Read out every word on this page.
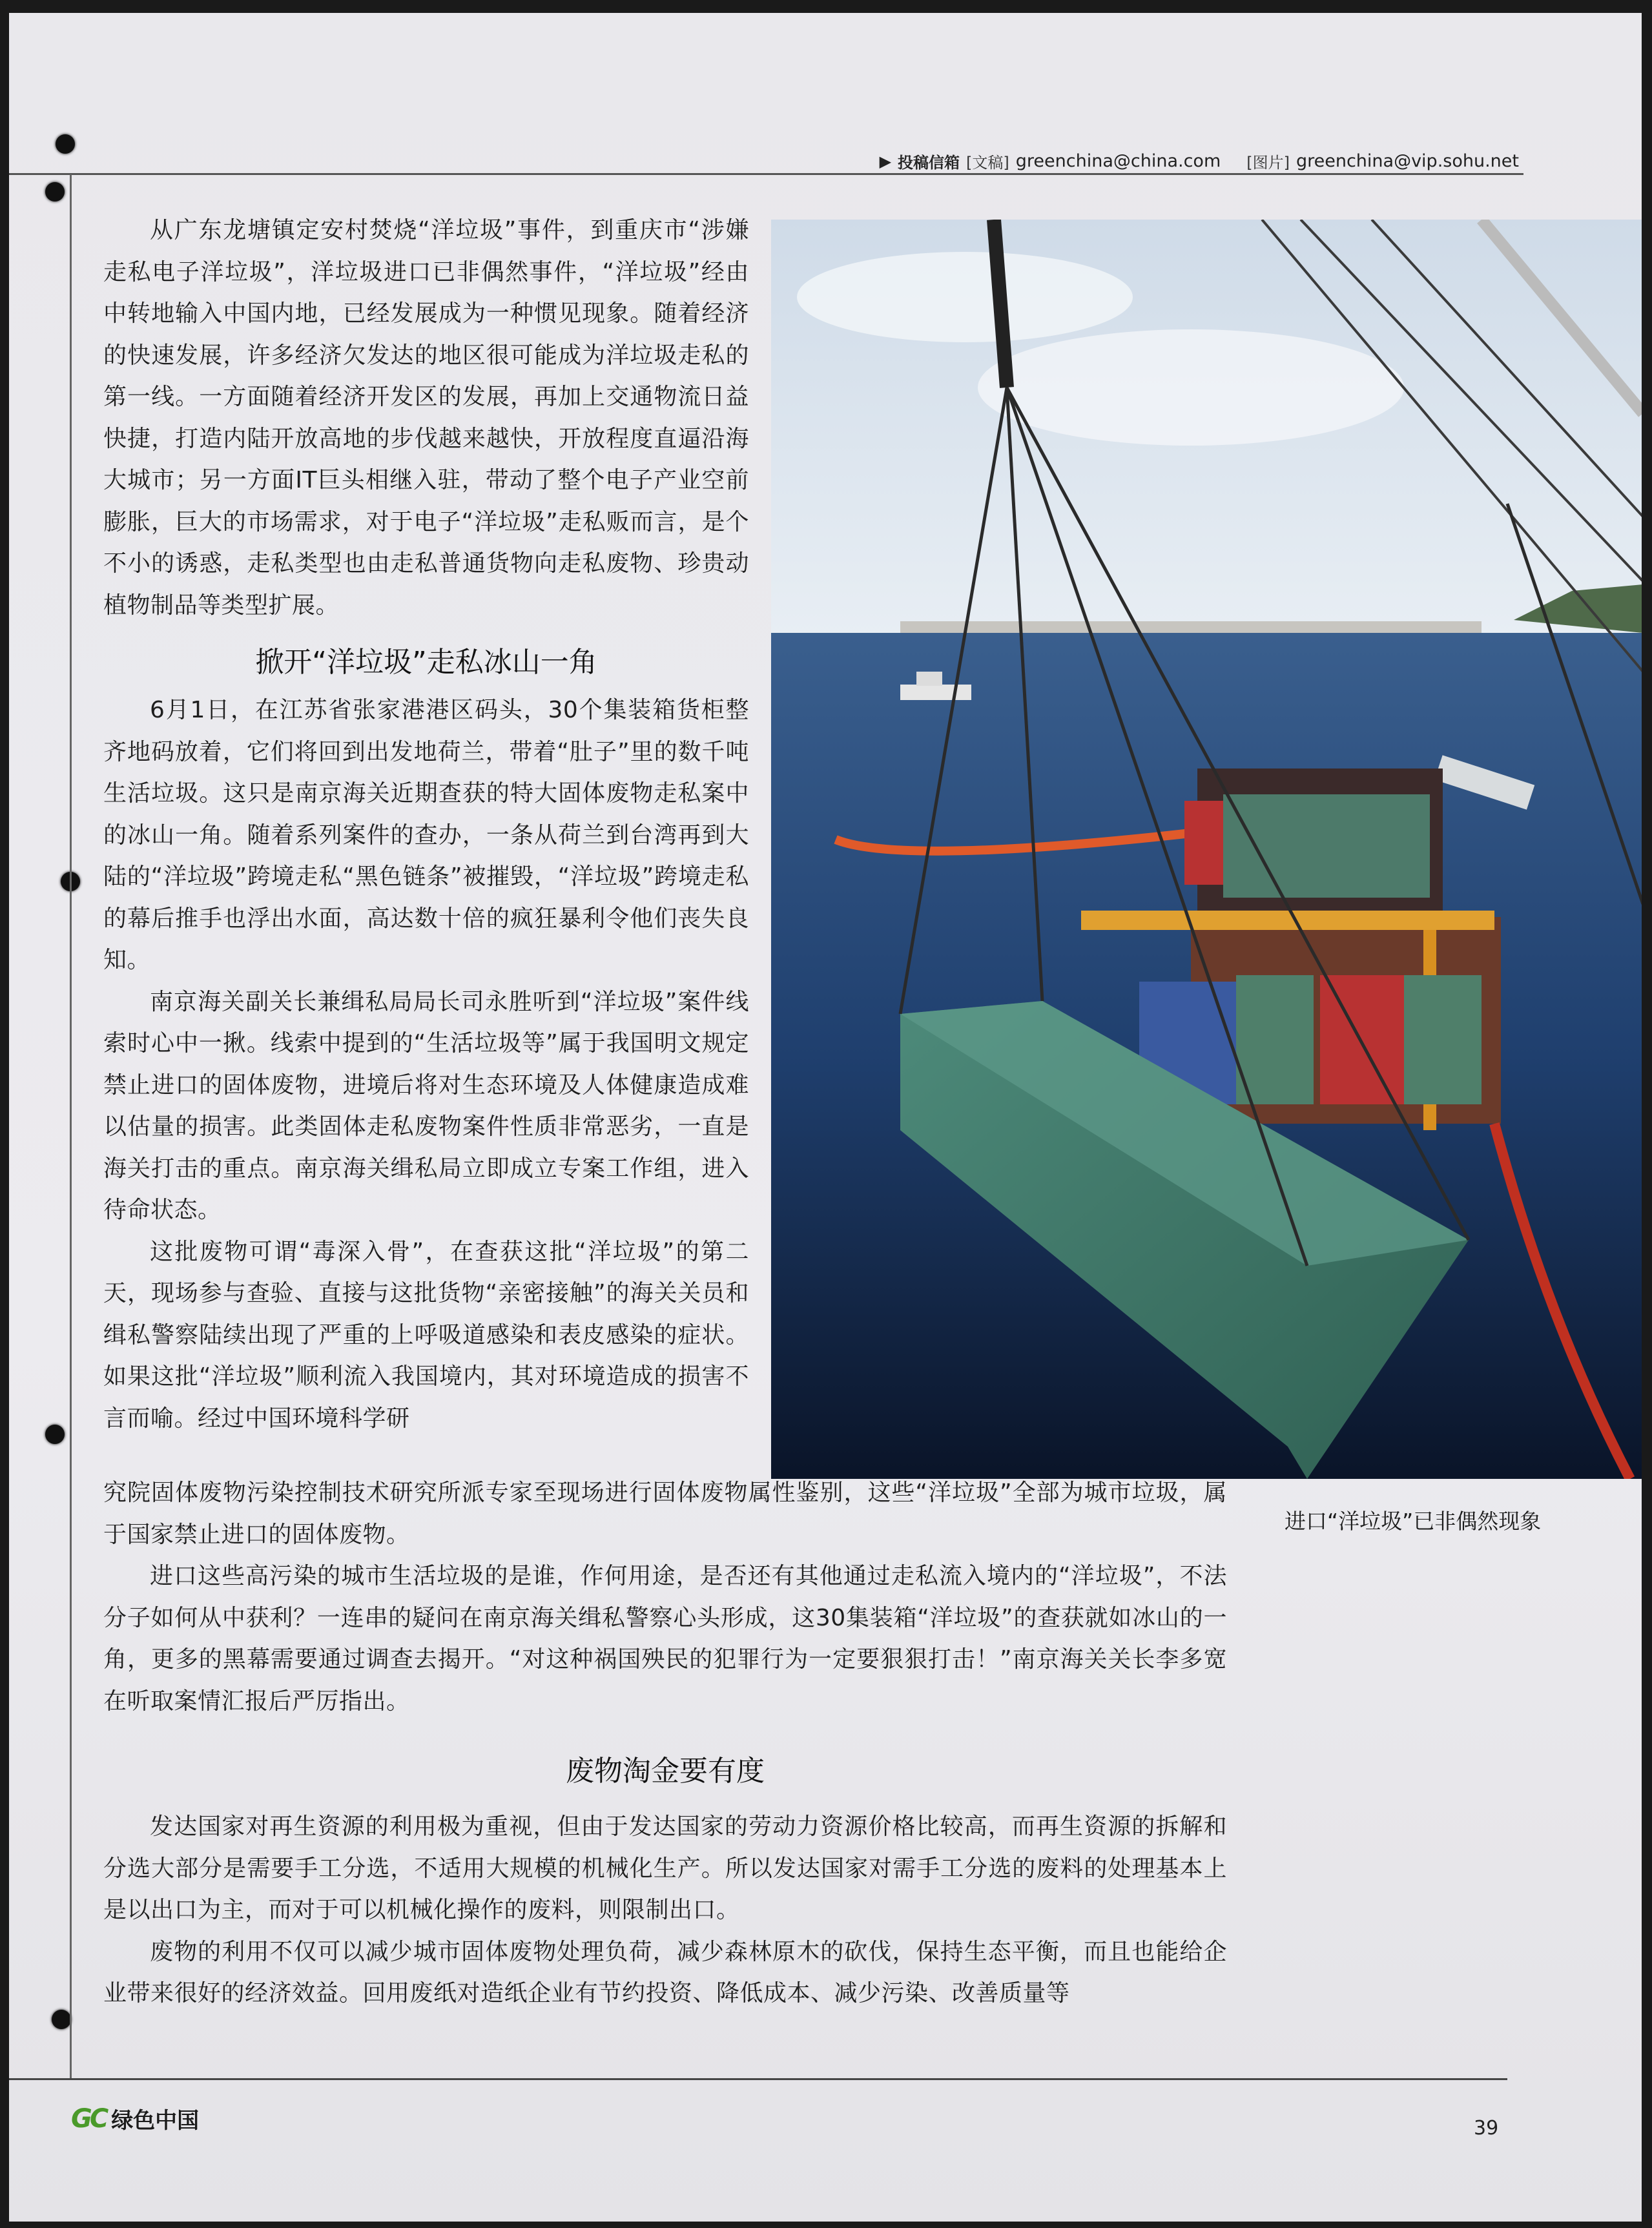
▶ 投稿信箱 [文稿] greenchina@china.com [图片] greenchina@vip.sohu.net

从广东龙塘镇定安村焚烧“洋垃圾”事件，到重庆市“涉嫌走私电子洋垃圾”，洋垃圾进口已非偶然事件，“洋垃圾”经由中转地输入中国内地，已经发展成为一种惯见现象。随着经济的快速发展，许多经济欠发达的地区很可能成为洋垃圾走私的第一线。一方面随着经济开发区的发展，再加上交通物流日益快捷，打造内陆开放高地的步伐越来越快，开放程度直逼沿海大城市；另一方面IT巨头相继入驻，带动了整个电子产业空前膨胀，巨大的市场需求，对于电子“洋垃圾”走私贩而言，是个不小的诱惑，走私类型也由走私普通货物向走私废物、珍贵动植物制品等类型扩展。

掀开“洋垃圾”走私冰山一角

6月1日，在江苏省张家港港区码头，30个集装箱货柜整齐地码放着，它们将回到出发地荷兰，带着“肚子”里的数千吨生活垃圾。这只是南京海关近期查获的特大固体废物走私案中的冰山一角。随着系列案件的查办，一条从荷兰到台湾再到大陆的“洋垃圾”跨境走私“黑色链条”被摧毁，“洋垃圾”跨境走私的幕后推手也浮出水面，高达数十倍的疯狂暴利令他们丧失良知。

南京海关副关长兼缉私局局长司永胜听到“洋垃圾”案件线索时心中一揪。线索中提到的“生活垃圾等”属于我国明文规定禁止进口的固体废物，进境后将对生态环境及人体健康造成难以估量的损害。此类固体走私废物案件性质非常恶劣，一直是海关打击的重点。南京海关缉私局立即成立专案工作组，进入待命状态。

这批废物可谓“毒深入骨”，在查获这批“洋垃圾”的第二天，现场参与查验、直接与这批货物“亲密接触”的海关关员和缉私警察陆续出现了严重的上呼吸道感染和表皮感染的症状。如果这批“洋垃圾”顺利流入我国境内，其对环境造成的损害不言而喻。经过中国环境科学研

进口“洋垃圾”已非偶然现象

究院固体废物污染控制技术研究所派专家至现场进行固体废物属性鉴别，这些“洋垃圾”全部为城市垃圾，属于国家禁止进口的固体废物。

进口这些高污染的城市生活垃圾的是谁，作何用途，是否还有其他通过走私流入境内的“洋垃圾”，不法分子如何从中获利？一连串的疑问在南京海关缉私警察心头形成，这30集装箱“洋垃圾”的查获就如冰山的一角，更多的黑幕需要通过调查去揭开。“对这种祸国殃民的犯罪行为一定要狠狠打击！”南京海关关长李多宽在听取案情汇报后严厉指出。

废物淘金要有度

发达国家对再生资源的利用极为重视，但由于发达国家的劳动力资源价格比较高，而再生资源的拆解和分选大部分是需要手工分选，不适用大规模的机械化生产。所以发达国家对需手工分选的废料的处理基本上是以出口为主，而对于可以机械化操作的废料，则限制出口。

废物的利用不仅可以减少城市固体废物处理负荷，减少森林原木的砍伐，保持生态平衡，而且也能给企业带来很好的经济效益。回用废纸对造纸企业有节约投资、降低成本、减少污染、改善质量等

GC 绿色中国	39
